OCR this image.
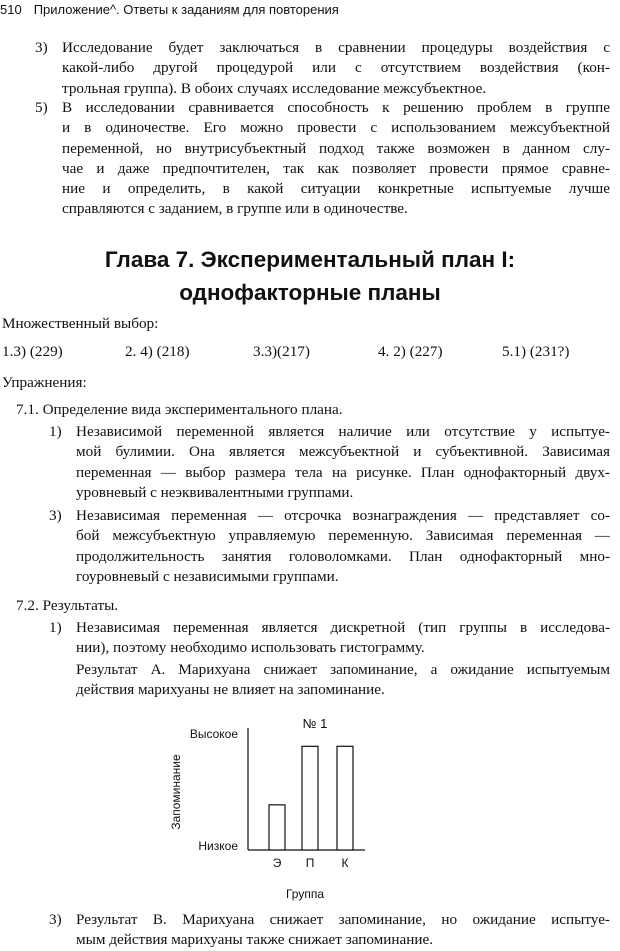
510 Приложение^. Ответы к заданиям для повторения
3) Исследование будет заключаться в сравнении процедуры воздействия с
какой-либо другой процедурой или с отсутствием воздействия (кон-
трольная группа). В обоих случаях исследование межсубъектное.
5) В исследовании сравнивается способность к решению проблем в группе
и в одиночестве. Его можно провести с использованием межсубъектной
переменной, но внутрисубъектный подход также возможен в данном слу-
чае и даже предпочтителен, так как позволяет провести прямое сравне-
ние и определить, в какой ситуации конкретные испытуемые лучше
справляются с заданием, в группе или в одиночестве.
Глава 7. Экспериментальный план I:
однофакторные планы
Множественный выбор:
1.3) (229)	2. 4) (218)	3.3)(217)	4. 2) (227)	5.1) (231?)
Упражнения:
7.1. Определение вида экспериментального плана.
1) Независимой переменной является наличие или отсутствие у испытуе-
мой булимии. Она является межсубъектной и субъективной. Зависимая
переменная — выбор размера тела на рисунке. План однофакторный двух-
уровневый с неэквивалентными группами.
3) Независимая переменная — отсрочка вознаграждения — представляет со-
бой межсубъектную управляемую переменную. Зависимая переменная —
продолжительность занятия головоломками. План однофакторный мно-
гоуровневый с независимыми группами.
7.2. Результаты.
1) Независимая переменная является дискретной (тип группы в исследова-
нии), поэтому необходимо использовать гистограмму.
Результат А. Марихуана снижает запоминание, а ожидание испытуемым
действия марихуаны не влияет на запоминание.
№ 1
Высокое
Низкое
Запоминание
Группа
Э П К
3) Результат В. Марихуана снижает запоминание, но ожидание испытуе-
мым действия марихуаны также снижает запоминание.
